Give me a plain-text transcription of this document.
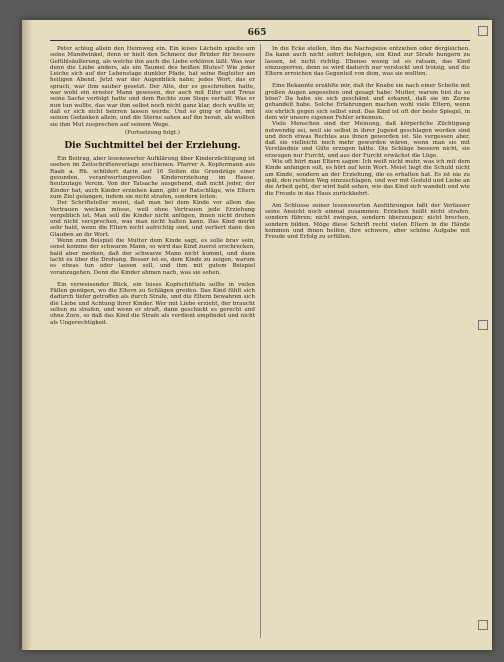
665

Peter schlug allein den Heimweg ein. Ein leises Lächeln spielte um seine Mundwinkel, denn er hielt den Schmerz der Brüder für bessere Gefühlsäußerung, als welche ihn auch die Liebe erklären läßt. Was war denn die Liebe anders, als ein Taumel des heißen Blutes? Wie jeder Leiche sich auf der Lebenstage dunkler Pfade, hat seine Begleiter am heiligen Abend. Jetzt war der Augenblick nahe; jedes Wort, das er sprach, war ihm sauber gesetzt. Der Alte, der es geschrieben hatte, war wohl ein ernster Mann gewesen, der auch mit Eifer und Treue seine Sache verfolgt hatte und dem Rechte zum Siege verhalf. Was er nun tun wollte, das war ihm selbst noch nicht ganz klar, doch wußte er, daß er sich nicht beirren lassen werde. Und so ging er dahin, mit seinen Gedanken allein, und die Sterne sahen auf ihn herab, als wollten sie ihm Mut zusprechen auf seinem Wege.

(Fortsetzung folgt.)
Die Suchtmittel bei der Erziehung.

Ein Beitrag, aber lesenswerter Aufklärung über Kinderzüchtigung ist soeben im Zeitschriftenverlage erschienen. Pfarrer A. Kopfermann aus Raab a. Rh. schildert darin auf 16 Seiten die Grundzüge einer gesunden, verantwortungsvollen Kindererziehung im Hause, heutzutage Verein. Von der Tatsache ausgehend, daß nicht jeder, der Kinder hat, auch Kinder erziehen kann, gibt er Ratschläge, wie Eltern zum Ziel gelangen, indem sie nicht strafen, sondern leiten.

Der Schriftsteller meint, daß man bei dem Kinde vor allem das Vertrauen wecken müsse, weil ohne Vertrauen jede Erziehung vergeblich ist. Man soll die Kinder nicht anlügen, ihnen nicht drohen und nicht versprechen, was man nicht halten kann. Das Kind merkt sehr bald, wenn die Eltern nicht aufrichtig sind, und verliert dann den Glauben an ihr Wort.

Wenn zum Beispiel die Mutter dem Kinde sagt, es solle brav sein, sonst komme der schwarze Mann, so wird das Kind zuerst erschrecken, bald aber merken, daß der schwarze Mann nicht kommt, und dann lacht es über die Drohung. Besser ist es, dem Kinde zu zeigen, warum es etwas tun oder lassen soll, und ihm mit gutem Beispiel voranzugehen. Denn die Kinder ahmen nach, was sie sehen.

Ein verweisender Blick, ein leises Kopfschütteln sollte in vielen Fällen genügen, wo die Eltern zu Schlägen greifen. Das Kind fühlt sich dadurch tiefer getroffen als durch Strafe, und die Eltern bewahren sich die Liebe und Achtung ihrer Kinder. Wer mit Liebe erzieht, der braucht selten zu strafen, und wenn er straft, dann geschieht es gerecht und ohne Zorn, so daß das Kind die Strafe als verdient empfindet und nicht als Ungerechtigkeit.

In die Ecke stellen, ihm die Nachspeise entziehen oder dergleichen. Da kann auch nicht sofort befolgen, ein Kind zur Strafe hungern zu lassen, ist nicht richtig. Ebenso wenig ist es ratsam, das Kind einzusperren, denn es wird dadurch nur verstockt und trotzig, und die Eltern erreichen das Gegenteil von dem, was sie wollten.

Eine Bekannte erzählte mir, daß ihr Knabe sie nach einer Schelte mit großen Augen angesehen und gesagt habe: Mutter, warum bist du so böse? Da habe sie sich geschämt und erkannt, daß sie im Zorne gehandelt habe. Solche Erfahrungen machen wohl viele Eltern, wenn sie ehrlich gegen sich selbst sind. Das Kind ist oft der beste Spiegel, in dem wir unsere eigenen Fehler erkennen.

Viele Menschen sind der Meinung, daß körperliche Züchtigung notwendig sei, weil sie selbst in ihrer Jugend geschlagen worden sind und doch etwas Rechtes aus ihnen geworden ist. Sie vergessen aber, daß sie vielleicht noch mehr geworden wären, wenn man sie mit Verständnis und Güte erzogen hätte. Die Schläge bessern nicht, sie erzeugen nur Furcht, und aus der Furcht erwächst die Lüge.

Wie oft hört man Eltern sagen: Ich weiß nicht mehr, was ich mit dem Kinde anfangen soll, es hört auf kein Wort. Meist liegt die Schuld nicht am Kinde, sondern an der Erziehung, die es erhalten hat. Es ist nie zu spät, den rechten Weg einzuschlagen, und wer mit Geduld und Liebe an die Arbeit geht, der wird bald sehen, wie das Kind sich wandelt und wie die Freude in das Haus zurückkehrt.

Am Schlusse seiner lesenswerten Ausführungen faßt der Verfasser seine Ansicht noch einmal zusammen: Erziehen heißt nicht strafen, sondern führen; nicht zwingen, sondern überzeugen; nicht brechen, sondern bilden. Möge diese Schrift recht vielen Eltern in die Hände kommen und ihnen helfen, ihre schwere, aber schöne Aufgabe mit Freude und Erfolg zu erfüllen.
